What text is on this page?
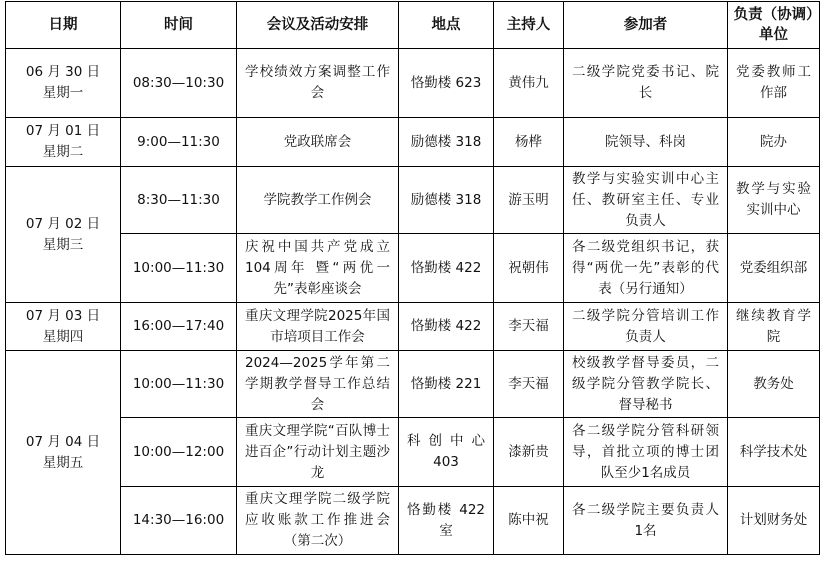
日期	时间	会议及活动安排	地点	主持人	参加者	负责（协调）单位

06 月 30 日
星期一	08:30—10:30	学校绩效方案调整工作会	恪勤楼 623	黄伟九	二级学院党委书记、院长	党委教师工作部

07 月 01 日
星期二	9:00—11:30	党政联席会	励德楼 318	杨桦	院领导、科岗	院办

07 月 02 日
星期三	8:30—11:30	学院教学工作例会	励德楼 318	游玉明	教学与实验实训中心主任、教研室主任、专业负责人	教学与实验实训中心
	10:00—11:30	庆祝中国共产党成立104周年 暨“两优一先”表彰座谈会	恪勤楼 422	祝朝伟	各二级党组织书记，获得“两优一先”表彰的代表（另行通知）	党委组织部

07 月 03 日
星期四	16:00—17:40	重庆文理学院2025年国市培项目工作会	恪勤楼 422	李天福	二级学院分管培训工作负责人	继续教育学院

07 月 04 日
星期五	10:00—11:30	2024—2025学年第二学期教学督导工作总结会	恪勤楼 221	李天福	校级教学督导委员，二级学院分管教学院长、督导秘书	教务处
	10:00—12:00	重庆文理学院“百队博士进百企”行动计划主题沙龙	科创中心 403	漆新贵	各二级学院分管科研领导，首批立项的博士团队至少1名成员	科学技术处
	14:30—16:00	重庆文理学院二级学院应收账款工作推进会（第二次）	恪勤楼 422 室	陈中祝	各二级学院主要负责人 1名	计划财务处
